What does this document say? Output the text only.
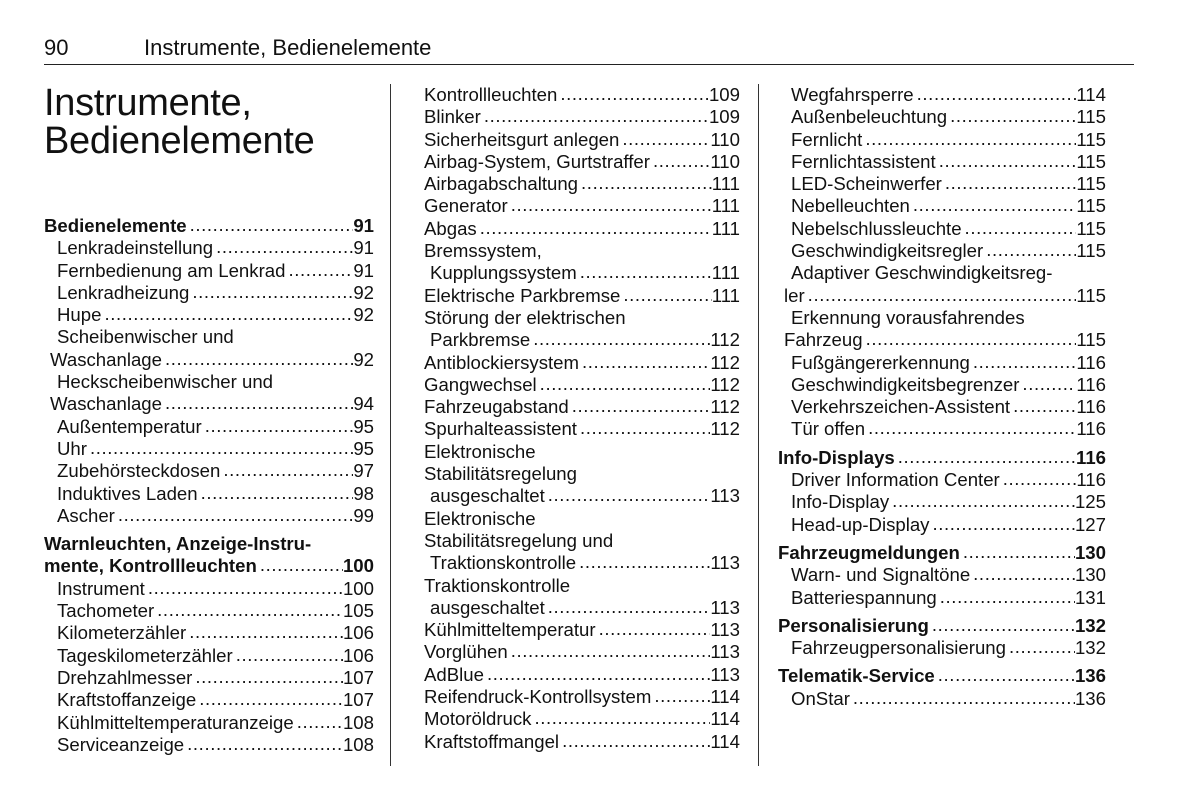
90	Instrumente, Bedienelemente
Instrumente,
Bedienelemente
Bedienelemente .....	91
Lenkradeinstellung .....	91
Fernbedienung am Lenkrad .....	91
Lenkradheizung .....	92
Hupe .....	92
Scheibenwischer und
Waschanlage .....	92
Heckscheibenwischer und
Waschanlage .....	94
Außentemperatur .....	95
Uhr .....	95
Zubehörsteckdosen .....	97
Induktives Laden .....	98
Ascher .....	99
Warnleuchten, Anzeige-Instru-
mente, Kontrollleuchten .....	100
Instrument .....	100
Tachometer .....	105
Kilometerzähler .....	106
Tageskilometerzähler .....	106
Drehzahlmesser .....	107
Kraftstoffanzeige .....	107
Kühlmitteltemperaturanzeige .....	108
Serviceanzeige .....	108
Kontrollleuchten .....	109
Blinker .....	109
Sicherheitsgurt anlegen .....	110
Airbag-System, Gurtstraffer .....	110
Airbagabschaltung .....	111
Generator .....	111
Abgas .....	111
Bremssystem,
Kupplungssystem .....	111
Elektrische Parkbremse .....	111
Störung der elektrischen
Parkbremse .....	112
Antiblockiersystem .....	112
Gangwechsel .....	112
Fahrzeugabstand .....	112
Spurhalteassistent .....	112
Elektronische
Stabilitätsregelung
ausgeschaltet .....	113
Elektronische
Stabilitätsregelung und
Traktionskontrolle .....	113
Traktionskontrolle
ausgeschaltet .....	113
Kühlmitteltemperatur .....	113
Vorglühen .....	113
AdBlue .....	113
Reifendruck-Kontrollsystem .....	114
Motoröldruck .....	114
Kraftstoffmangel .....	114
Wegfahrsperre .....	114
Außenbeleuchtung .....	115
Fernlicht .....	115
Fernlichtassistent .....	115
LED-Scheinwerfer .....	115
Nebelleuchten .....	115
Nebelschlussleuchte .....	115
Geschwindigkeitsregler .....	115
Adaptiver Geschwindigkeitsreg-
ler .....	115
Erkennung vorausfahrendes
Fahrzeug .....	115
Fußgängererkennung .....	116
Geschwindigkeitsbegrenzer .....	116
Verkehrszeichen-Assistent .....	116
Tür offen .....	116
Info-Displays .....	116
Driver Information Center .....	116
Info-Display .....	125
Head-up-Display .....	127
Fahrzeugmeldungen .....	130
Warn- und Signaltöne .....	130
Batteriespannung .....	131
Personalisierung .....	132
Fahrzeugpersonalisierung .....	132
Telematik-Service .....	136
OnStar .....	136
